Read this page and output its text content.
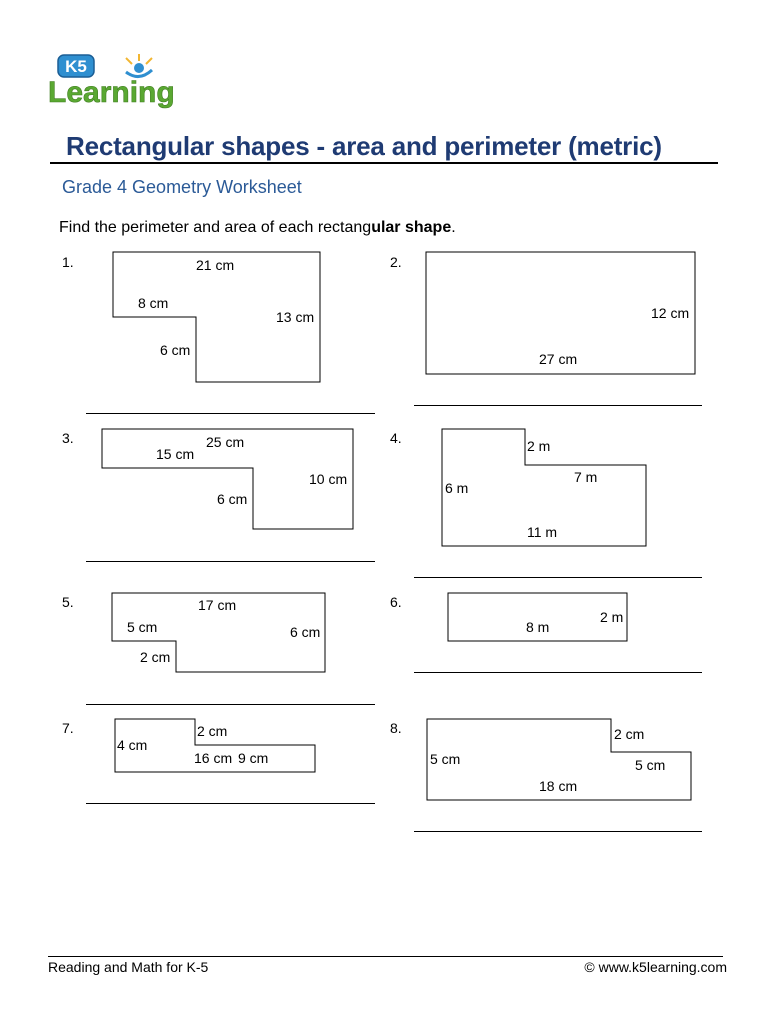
K5
Learning
Rectangular shapes - area and perimeter (metric)
Grade 4 Geometry Worksheet
Find the perimeter and area of each rectangular shape.
1.	21 cm
8 cm
13 cm
6 cm
2.
12 cm
27 cm
3.	25 cm
15 cm
10 cm
6 cm
4.	2 m
7 m
6 m
11 m
5.	17 cm
5 cm	6 cm
2 cm
6.
2 m
8 m
7.	2 cm
4 cm
16 cm 9 cm
8.	2 cm
5 cm	5 cm
18 cm
Reading and Math for K-5	© www.k5learning.com
